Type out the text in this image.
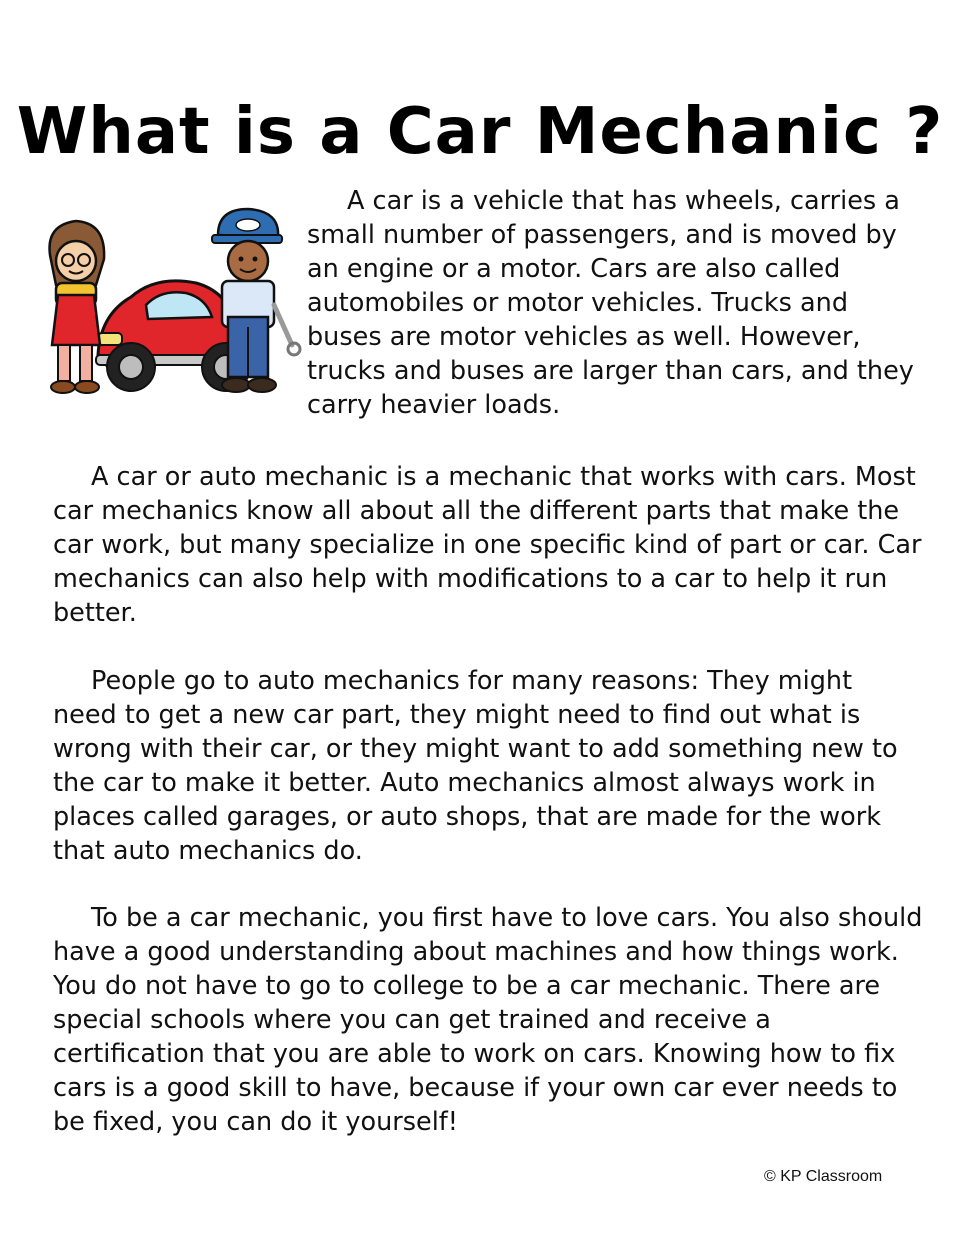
What is a Car Mechanic ?

A car is a vehicle that has wheels, carries a small number of passengers, and is moved by an engine or a motor. Cars are also called automobiles or motor vehicles. Trucks and buses are motor vehicles as well. However, trucks and buses are larger than cars, and they carry heavier loads.

A car or auto mechanic is a mechanic that works with cars. Most car mechanics know all about all the different parts that make the car work, but many specialize in one specific kind of part or car. Car mechanics can also help with modifications to a car to help it run better.

People go to auto mechanics for many reasons: They might need to get a new car part, they might need to find out what is wrong with their car, or they might want to add something new to the car to make it better. Auto mechanics almost always work in places called garages, or auto shops, that are made for the work that auto mechanics do.

To be a car mechanic, you first have to love cars. You also should have a good understanding about machines and how things work. You do not have to go to college to be a car mechanic. There are special schools where you can get trained and receive a certification that you are able to work on cars. Knowing how to fix cars is a good skill to have, because if your own car ever needs to be fixed, you can do it yourself!

© KP Classroom
